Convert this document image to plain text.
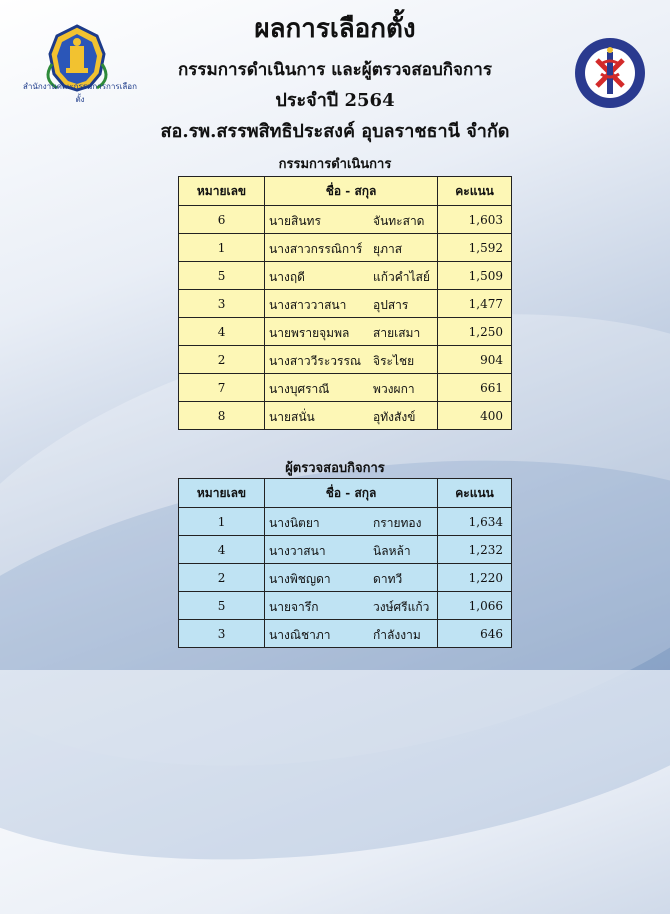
สำนักงานคณะกรรมการการเลือกตั้ง
ผลการเลือกตั้ง
กรรมการดำเนินการ และผู้ตรวจสอบกิจการ
ประจำปี 2564
สอ.รพ.สรรพสิทธิประสงค์ อุบลราชธานี จำกัด
กรรมการดำเนินการ
หมายเลข	ชื่อ - สกุล	คะแนน
6	นายสินทร จันทะสาด	1,603
1	นางสาวกรรณิการ์ ยุภาส	1,592
5	นางฤดี แก้วคำไสย์	1,509
3	นางสาววาสนา อุปสาร	1,477
4	นายพรายจุมพล สายเสมา	1,250
2	นางสาววีระวรรณ จิระไชย	904
7	นางบุศราณี พวงผกา	661
8	นายสนั่น อุทังสังข์	400
ผู้ตรวจสอบกิจการ
หมายเลข	ชื่อ - สกุล	คะแนน
1	นางนิตยา กรายทอง	1,634
4	นางวาสนา นิลหล้า	1,232
2	นางพิชญดา ดาทวี	1,220
5	นายจารึก วงษ์ศรีแก้ว	1,066
3	นางณิชาภา กำลังงาม	646
